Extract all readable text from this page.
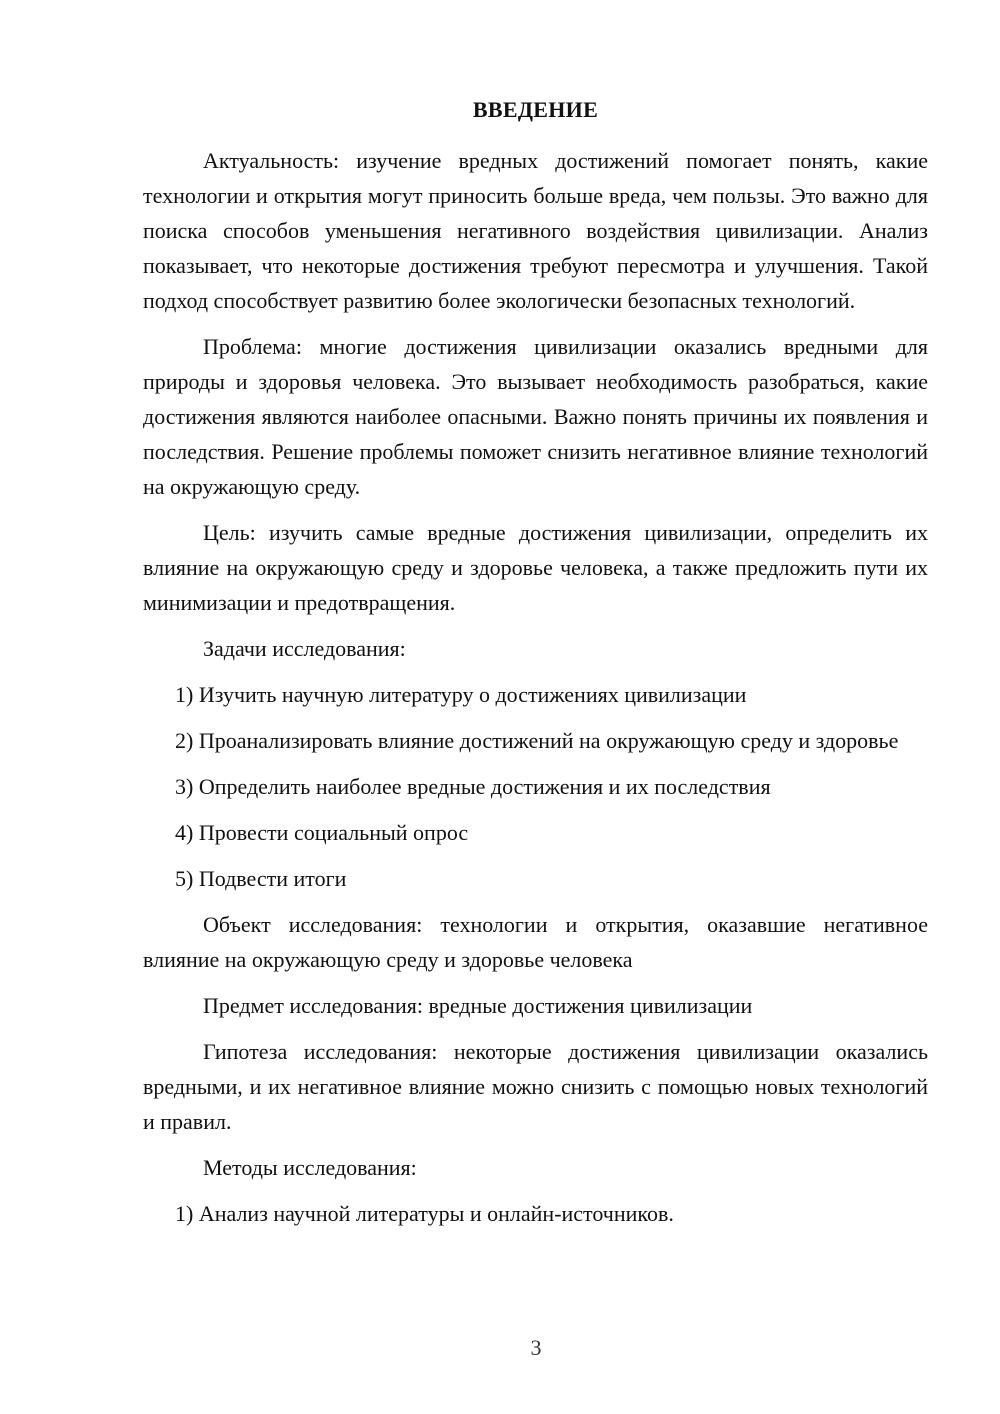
ВВЕДЕНИЕ

Актуальность: изучение вредных достижений помогает понять, какие технологии и открытия могут приносить больше вреда, чем пользы. Это важно для поиска способов уменьшения негативного воздействия цивилизации. Анализ показывает, что некоторые достижения требуют пересмотра и улучшения. Такой подход способствует развитию более экологически безопасных технологий.

Проблема: многие достижения цивилизации оказались вредными для природы и здоровья человека. Это вызывает необходимость разобраться, какие достижения являются наиболее опасными. Важно понять причины их появления и последствия. Решение проблемы поможет снизить негативное влияние технологий на окружающую среду.

Цель: изучить самые вредные достижения цивилизации, определить их влияние на окружающую среду и здоровье человека, а также предложить пути их минимизации и предотвращения.

Задачи исследования:

1) Изучить научную литературу о достижениях цивилизации

2) Проанализировать влияние достижений на окружающую среду и здоровье

3) Определить наиболее вредные достижения и их последствия

4) Провести социальный опрос

5) Подвести итоги

Объект исследования: технологии и открытия, оказавшие негативное влияние на окружающую среду и здоровье человека

Предмет исследования: вредные достижения цивилизации

Гипотеза исследования: некоторые достижения цивилизации оказались вредными, и их негативное влияние можно снизить с помощью новых технологий и правил.

Методы исследования:

1) Анализ научной литературы и онлайн-источников.

3
